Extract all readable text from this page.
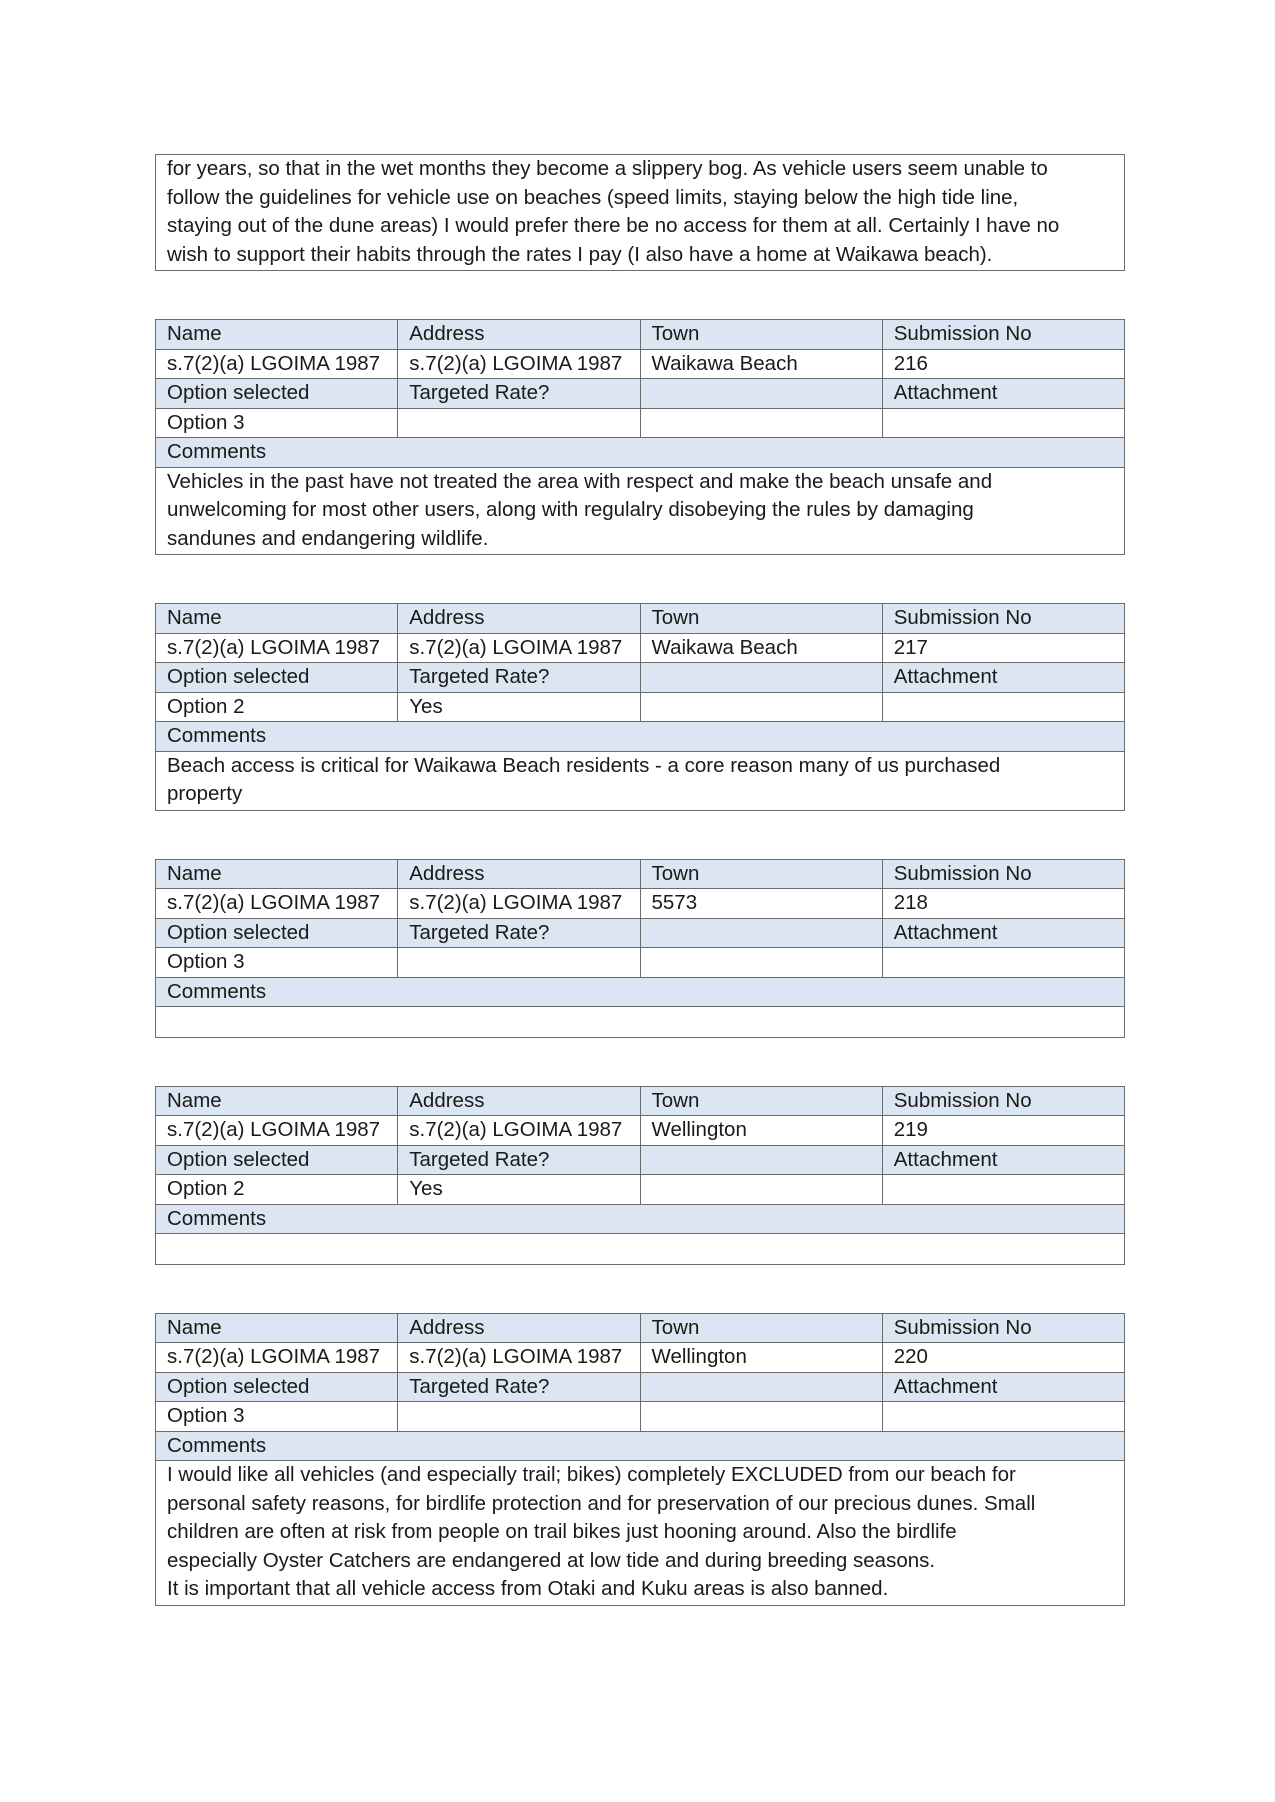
for years, so that in the wet months they become a slippery bog. As vehicle users seem unable to
follow the guidelines for vehicle use on beaches (speed limits, staying below the high tide line,
staying out of the dune areas) I would prefer there be no access for them at all. Certainly I have no
wish to support their habits through the rates I pay (I also have a home at Waikawa beach).
Name	Address	Town	Submission No
s.7(2)(a) LGOIMA 1987	s.7(2)(a) LGOIMA 1987	Waikawa Beach	216
Option selected	Targeted Rate?		Attachment
Option 3			
Comments			

Vehicles in the past have not treated the area with respect and make the beach unsafe and
unwelcoming for most other users, along with regulalry disobeying the rules by damaging
sandunes and endangering wildlife.			
Name	Address	Town	Submission No
s.7(2)(a) LGOIMA 1987	s.7(2)(a) LGOIMA 1987	Waikawa Beach	217
Option selected	Targeted Rate?		Attachment
Option 2	Yes		
Comments			

Beach access is critical for Waikawa Beach residents - a core reason many of us purchased
property			
Name	Address	Town	Submission No
s.7(2)(a) LGOIMA 1987	s.7(2)(a) LGOIMA 1987	5573	218
Option selected	Targeted Rate?		Attachment
Option 3			
Comments			

Name	Address	Town	Submission No
s.7(2)(a) LGOIMA 1987	s.7(2)(a) LGOIMA 1987	Wellington	219
Option selected	Targeted Rate?		Attachment
Option 2	Yes		
Comments			

Name	Address	Town	Submission No
s.7(2)(a) LGOIMA 1987	s.7(2)(a) LGOIMA 1987	Wellington	220
Option selected	Targeted Rate?		Attachment
Option 3			
Comments			

I would like all vehicles (and especially trail; bikes) completely EXCLUDED from our beach for
personal safety reasons, for birdlife protection and for preservation of our precious dunes. Small
children are often at risk from people on trail bikes just hooning around. Also the birdlife
especially Oyster Catchers are endangered at low tide and during breeding seasons.
It is important that all vehicle access from Otaki and Kuku areas is also banned.			
